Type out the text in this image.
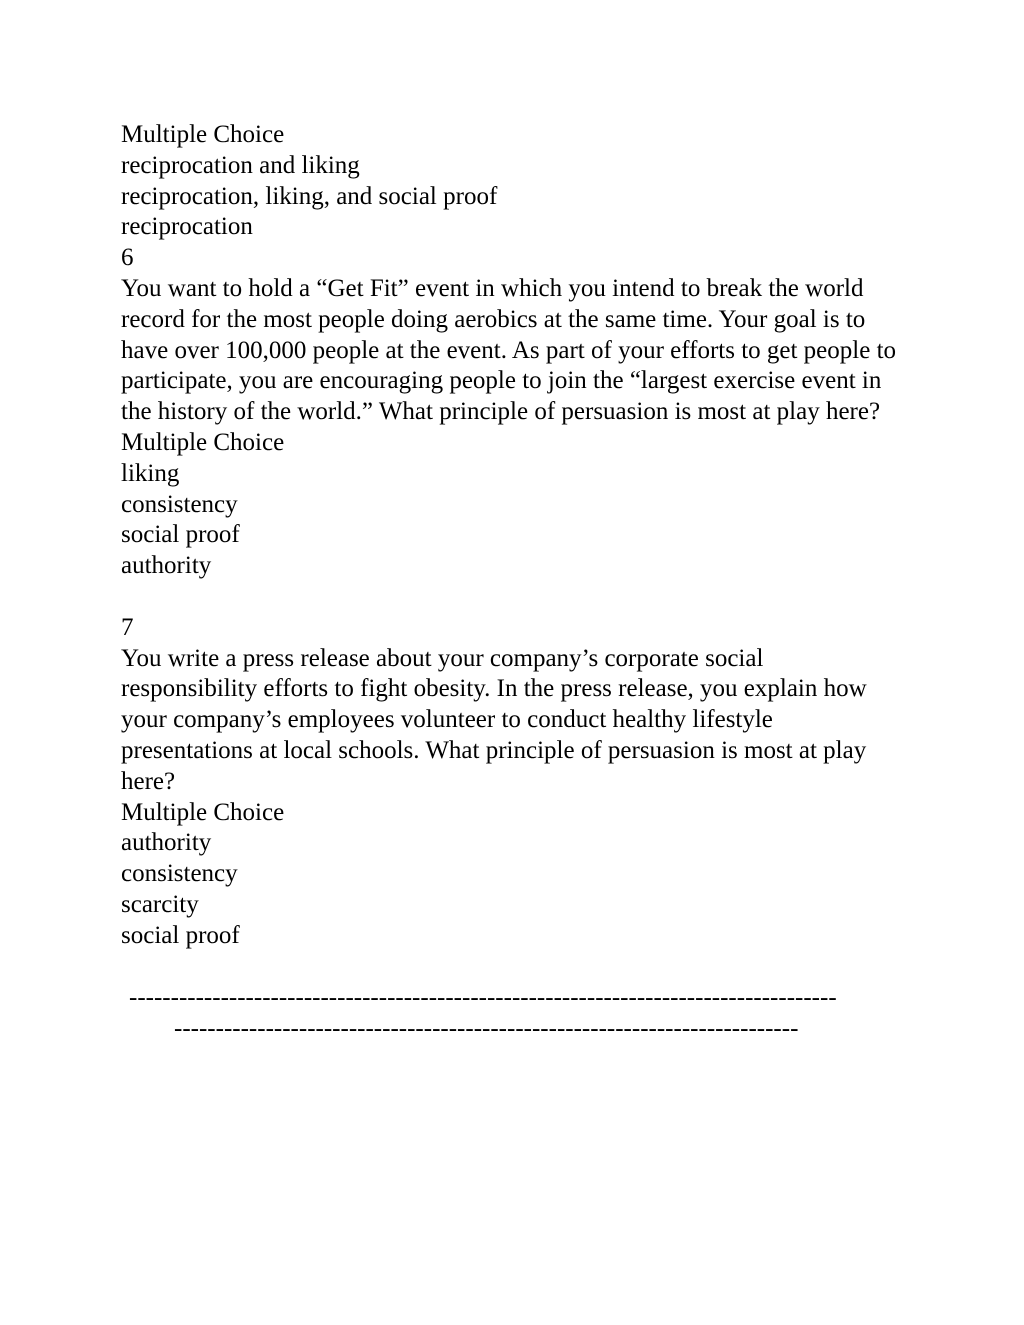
Multiple Choice
reciprocation and liking
reciprocation, liking, and social proof
reciprocation
6
You want to hold a “Get Fit” event in which you intend to break the world record for the most people doing aerobics at the same time. Your goal is to have over 100,000 people at the event. As part of your efforts to get people to participate, you are encouraging people to join the “largest exercise event in the history of the world.” What principle of persuasion is most at play here?
Multiple Choice
liking
consistency
social proof
authority
7
You write a press release about your company’s corporate social responsibility efforts to fight obesity. In the press release, you explain how your company’s employees volunteer to conduct healthy lifestyle presentations at local schools. What principle of persuasion is most at play here?
Multiple Choice
authority
consistency
scarcity
social proof
-------------------------------------------------------------------------------------
---------------------------------------------------------------------------
